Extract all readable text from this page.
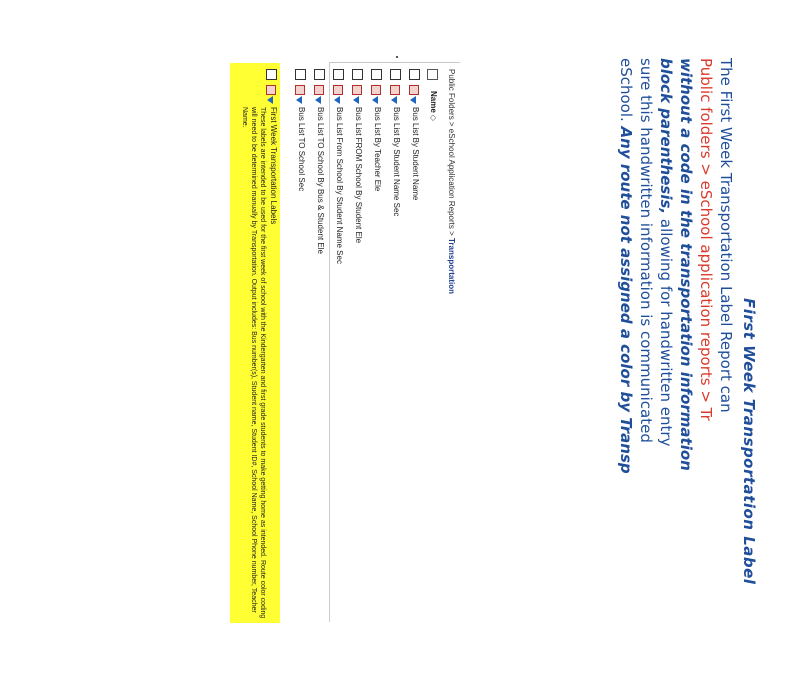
First Week Transportation Label
The First Week Transportation Label Report can
Public folders > eSchool application reports > Tr
without a code in the transportation information
block parenthesis, allowing for handwritten entry
sure this handwritten information is communicated
eSchool. Any route not assigned a color by Transp
Public Folders > eSchool Application Reports > Transportation
Name◇
Bus List By Student Name
Bus List By Student Name Sec
Bus List By Teacher Ele
Bus List FROM School By Student Ele
Bus List From School By Student Name Sec
Bus List TO School By Bus & Student Ele
Bus List TO School Sec
First Week Transportation Labels
These labels are intended to be used for the first week of school with the Kindergarten and first grade students to make getting home as intended. Route color coding will need to be determined manually by Transportation. Output includes: Bus number(s), Student name, Student ID#, School Name, School Phone number, Teacher Name.
